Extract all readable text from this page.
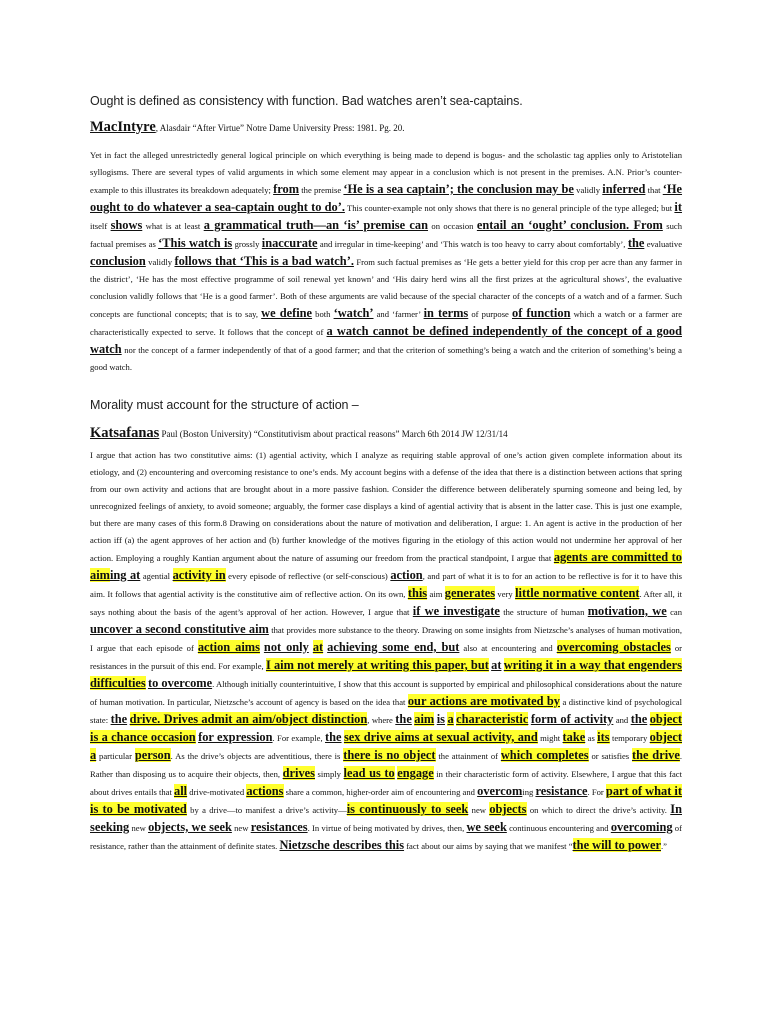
Ought is defined as consistency with function. Bad watches aren’t sea-captains.
MacIntyre, Alasdair “After Virtue” Notre Dame University Press: 1981. Pg. 20.
Yet in fact the alleged unrestrictedly general logical principle on which everything is being made to depend is bogus- and the scholastic tag applies only to Aristotelian syllogisms. There are several types of valid arguments in which some element may appear in a conclusion which is not present in the premises. A.N. Prior’s counter-example to this illustrates its breakdown adequately; from the premise ‘He is a sea captain’; the conclusion may be validly inferred that ‘He ought to do whatever a sea-captain ought to do’. This counter-example not only shows that there is no general principle of the type alleged; but it itself shows what is at least a grammatical truth—an ‘is’ premise can on occasion entail an ‘ought’ conclusion. From such factual premises as ‘This watch is grossly inaccurate and irregular in time-keeping’ and ‘This watch is too heavy to carry about comfortably’, the evaluative conclusion validly follows that ‘This is a bad watch’. From such factual premises as ‘He gets a better yield for this crop per acre than any farmer in the district’, ‘He has the most effective programme of soil renewal yet known’ and ‘His dairy herd wins all the first prizes at the agricultural shows’, the evaluative conclusion validly follows that ‘He is a good farmer’. Both of these arguments are valid because of the special character of the concepts of a watch and of a farmer. Such concepts are functional concepts; that is to say, we define both ‘watch’ and ‘farmer’ in terms of purpose of function which a watch or a farmer are characteristically expected to serve. It follows that the concept of a watch cannot be defined independently of the concept of a good watch nor the concept of a farmer independently of that of a good farmer; and that the criterion of something’s being a watch and the criterion of something’s being a good watch.
Morality must account for the structure of action –
Katsafanas Paul (Boston University) “Constitutivism about practical reasons” March 6th 2014 JW 12/31/14
I argue that action has two constitutive aims: (1) agential activity, which I analyze as requiring stable approval of one’s action given complete information about its etiology, and (2) encountering and overcoming resistance to one’s ends. My account begins with a defense of the idea that there is a distinction between actions that spring from our own activity and actions that are brought about in a more passive fashion. Consider the difference between deliberately spurning someone and being led, by unrecognized feelings of anxiety, to avoid someone; arguably, the former case displays a kind of agential activity that is absent in the latter case. This is just one example, but there are many cases of this form.8 Drawing on considerations about the nature of motivation and deliberation, I argue: 1. An agent is active in the production of her action iff (a) the agent approves of her action and (b) further knowledge of the motives figuring in the etiology of this action would not undermine her approval of her action. Employing a roughly Kantian argument about the nature of assuming our freedom from the practical standpoint, I argue that agents are committed to aiming at agential activity in every episode of reflective (or self-conscious) action, and part of what it is to for an action to be reflective is for it to have this aim. It follows that agential activity is the constitutive aim of reflective action. On its own, this aim generates very little normative content. After all, it says nothing about the basis of the agent’s approval of her action. However, I argue that if we investigate the structure of human motivation, we can uncover a second constitutive aim that provides more substance to the theory. Drawing on some insights from Nietzsche’s analyses of human motivation, I argue that each episode of action aims not only at achieving some end, but also at encountering and overcoming obstacles or resistances in the pursuit of this end. For example, I aim not merely at writing this paper, but at writing it in a way that engenders difficulties to overcome. Although initially counterintuitive, I show that this account is supported by empirical and philosophical considerations about the nature of human motivation. In particular, Nietzsche’s account of agency is based on the idea that our actions are motivated by a distinctive kind of psychological state: the drive. Drives admit an aim/object distinction, where the aim is a characteristic form of activity and the object is a chance occasion for expression. For example, the sex drive aims at sexual activity, and might take as its temporary object a particular person. As the drive’s objects are adventitious, there is there is no object the attainment of which completes or satisfies the drive. Rather than disposing us to acquire their objects, then, drives simply lead us to engage in their characteristic form of activity. Elsewhere, I argue that this fact about drives entails that all drive-motivated actions share a common, higher-order aim of encountering and overcoming resistance. For part of what it is to be motivated by a drive—to manifest a drive’s activity—is continuously to seek new objects on which to direct the drive’s activity. In seeking new objects, we seek new resistances. In virtue of being motivated by drives, then, we seek continuous encountering and overcoming of resistance, rather than the attainment of definite states. Nietzsche describes this fact about our aims by saying that we manifest “the will to power.”
